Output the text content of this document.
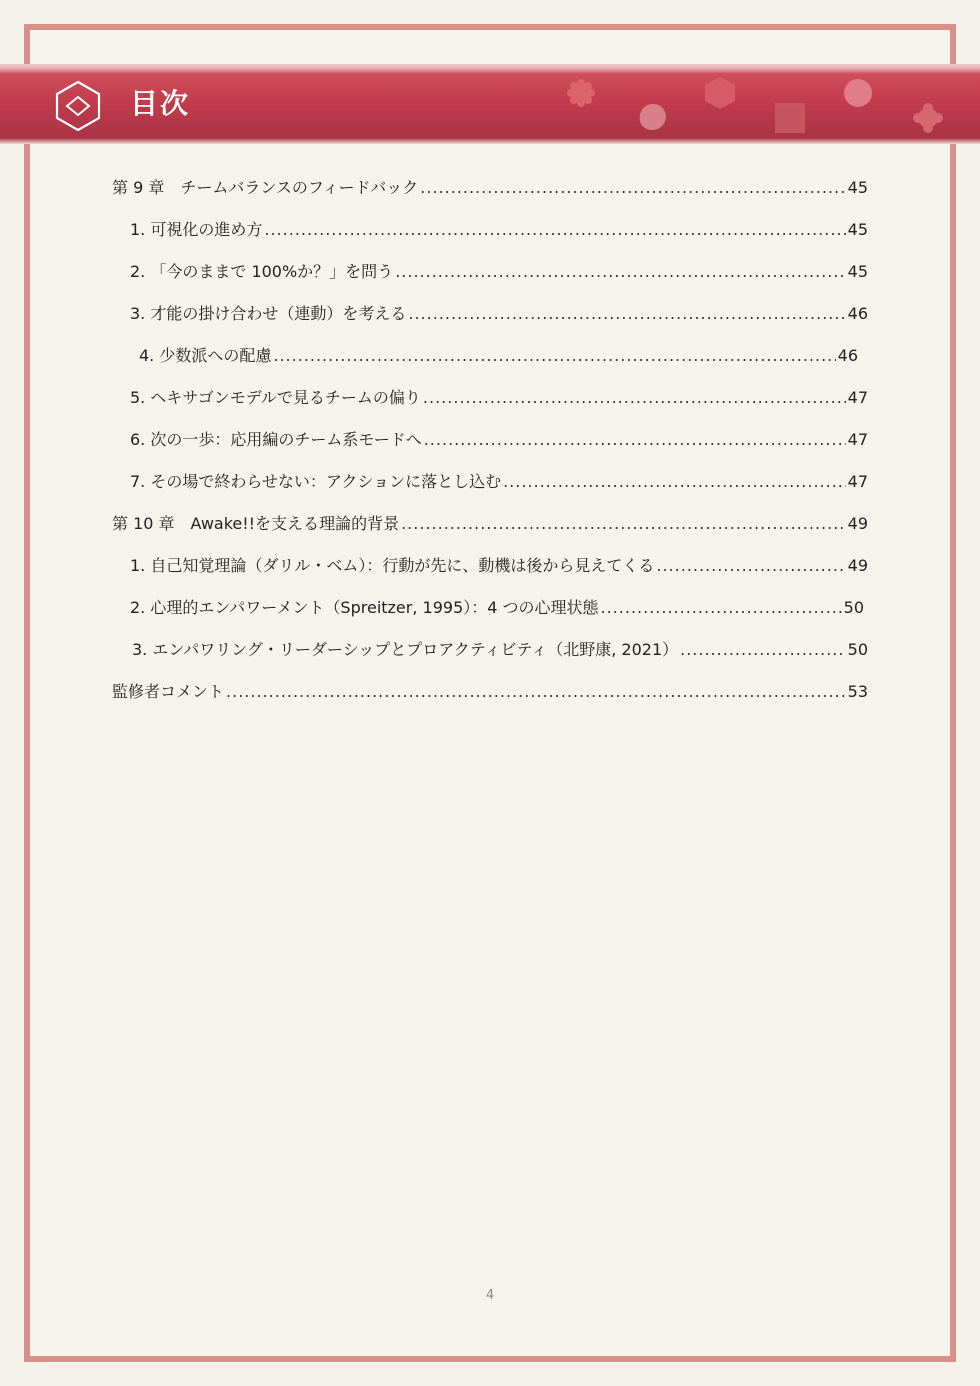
目次
第 9 章　チームバランスのフィードバック .....	45
1. 可視化の進め方 .....	45
2. 「今のままで 100%か？」を問う .....	45
3. 才能の掛け合わせ（連動）を考える .....	46
4. 少数派への配慮 .....	46
5. ヘキサゴンモデルで見るチームの偏り .....	47
6. 次の一歩：応用編のチーム系モードへ .....	47
7. その場で終わらせない：アクションに落とし込む .....	47
第 10 章　Awake!!を支える理論的背景 .....	49
1. 自己知覚理論（ダリル・ベム）：行動が先に、動機は後から見えてくる .....	49
2. 心理的エンパワーメント（Spreitzer, 1995）：4 つの心理状態 .....	50
3. エンパワリング・リーダーシップとプロアクティビティ（北野康, 2021） .....	50
監修者コメント .....	53
4
